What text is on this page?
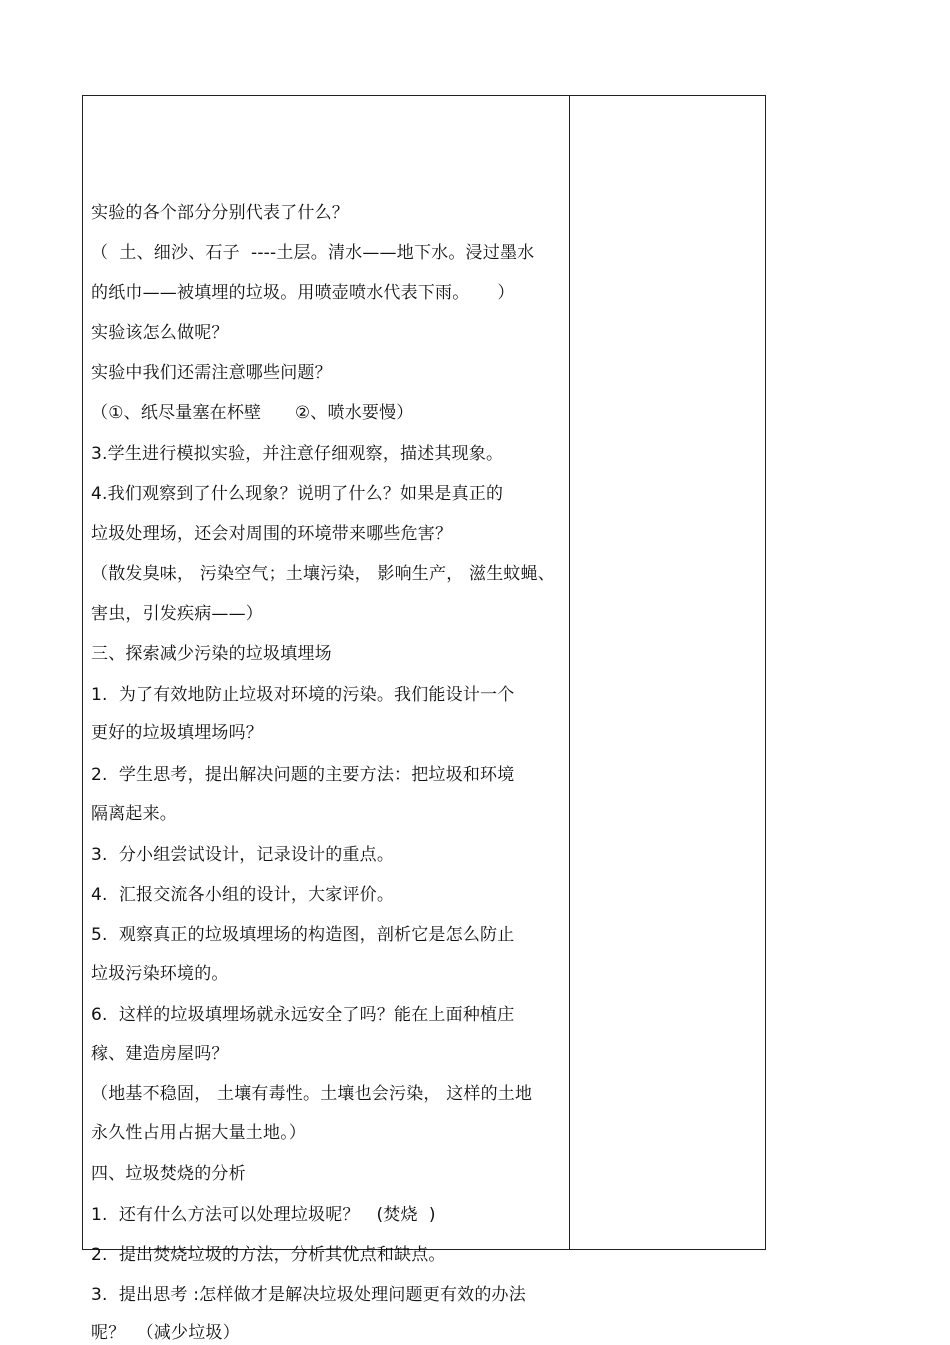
实验的各个部分分别代表了什么？
（  土、细沙、石子  ----土层。清水——地下水。浸过墨水
的纸巾——被填埋的垃圾。用喷壶喷水代表下雨。     ）
实验该怎么做呢？
实验中我们还需注意哪些问题？
（①、纸尽量塞在杯壁      ②、喷水要慢）
3.学生进行模拟实验，并注意仔细观察，描述其现象。
4.我们观察到了什么现象？说明了什么？如果是真正的
垃圾处理场，还会对周围的环境带来哪些危害？
（散发臭味， 污染空气；土壤污染， 影响生产， 滋生蚊蝇、
害虫，引发疾病——）
三、探索减少污染的垃圾填埋场
1.  为了有效地防止垃圾对环境的污染。我们能设计一个
更好的垃圾填埋场吗？
2.  学生思考，提出解决问题的主要方法：把垃圾和环境
隔离起来。
3.  分小组尝试设计，记录设计的重点。
4.  汇报交流各小组的设计，大家评价。
5.  观察真正的垃圾填埋场的构造图，剖析它是怎么防止
垃圾污染环境的。
6.  这样的垃圾填埋场就永远安全了吗？能在上面种植庄
稼、建造房屋吗？
（地基不稳固， 土壤有毒性。土壤也会污染， 这样的土地
永久性占用占据大量土地。）
四、垃圾焚烧的分析
1.  还有什么方法可以处理垃圾呢？   (焚烧  )
2.  提出焚烧垃圾的方法，分析其优点和缺点。
3.  提出思考 :怎样做才是解决垃圾处理问题更有效的办法
呢？  （减少垃圾）
